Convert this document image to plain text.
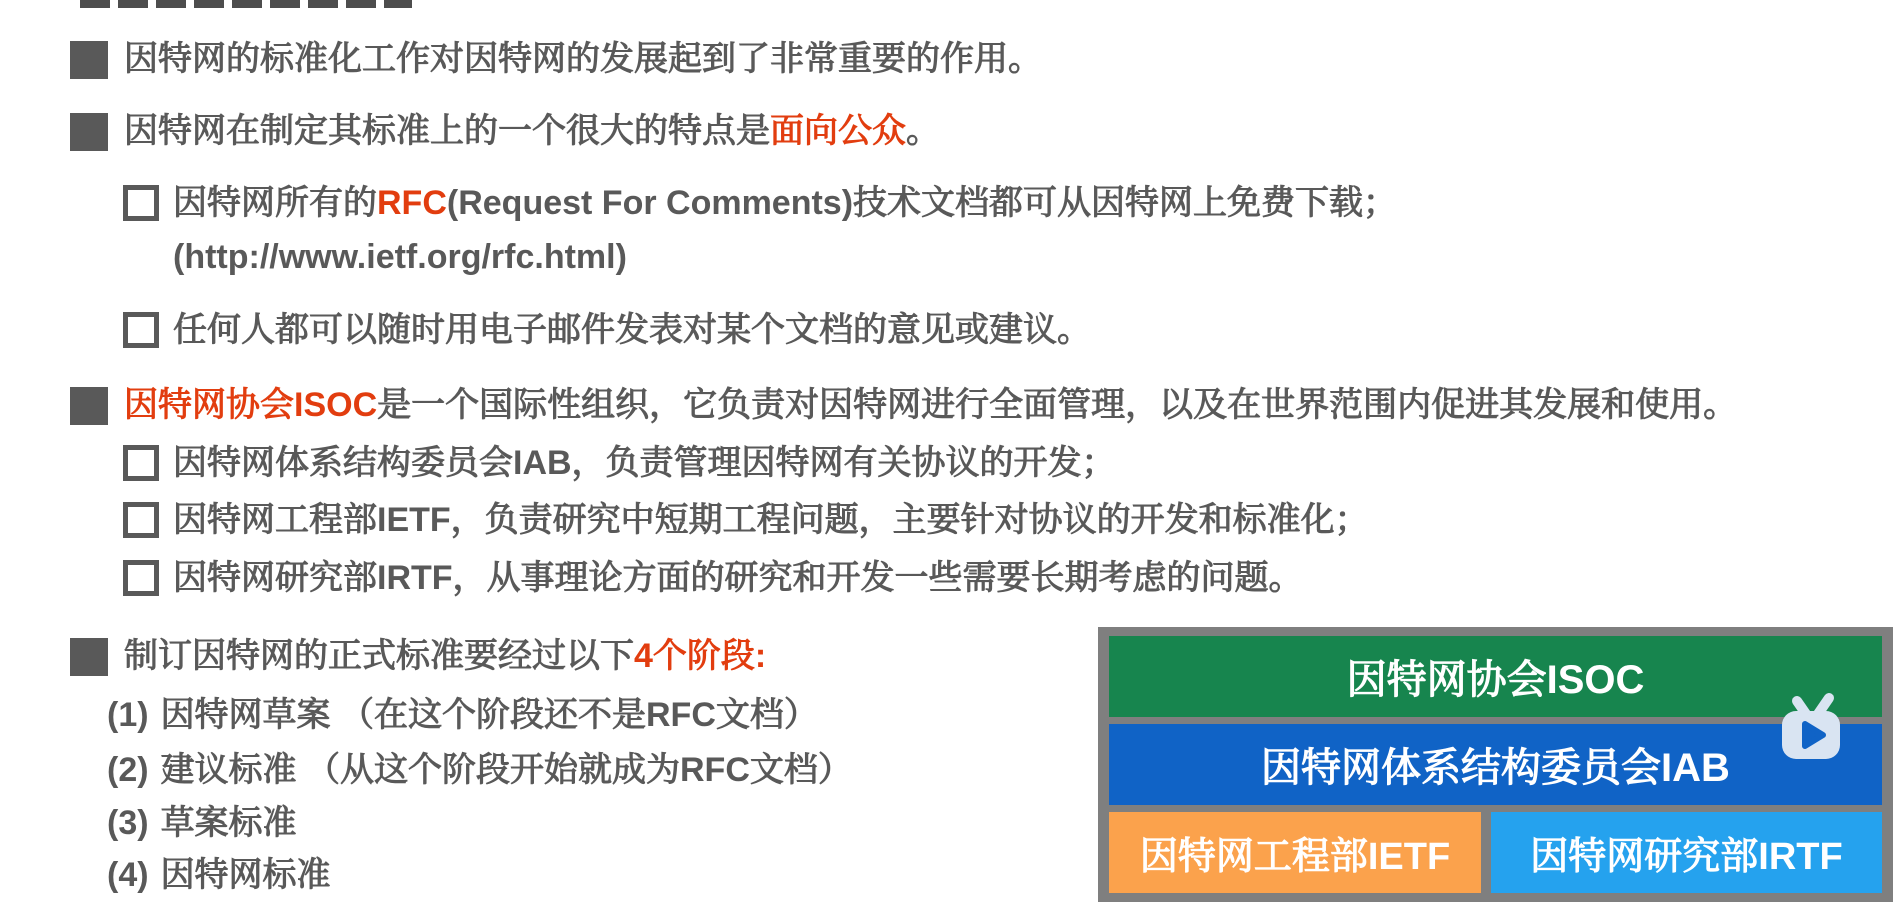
因特网的标准化工作对因特网的发展起到了非常重要的作用。
因特网在制定其标准上的一个很大的特点是面向公众。
因特网所有的RFC(Request For Comments)技术文档都可从因特网上免费下载；
(http://www.ietf.org/rfc.html)
任何人都可以随时用电子邮件发表对某个文档的意见或建议。
因特网协会ISOC是一个国际性组织，它负责对因特网进行全面管理，以及在世界范围内促进其发展和使用。
因特网体系结构委员会IAB，负责管理因特网有关协议的开发；
因特网工程部IETF，负责研究中短期工程问题，主要针对协议的开发和标准化；
因特网研究部IRTF，从事理论方面的研究和开发一些需要长期考虑的问题。
制订因特网的正式标准要经过以下4个阶段:
(1) 因特网草案 （在这个阶段还不是RFC文档）
(2) 建议标准 （从这个阶段开始就成为RFC文档）
(3) 草案标准
(4) 因特网标准
因特网协会ISOC
因特网体系结构委员会IAB
因特网工程部IETF 因特网研究部IRTF
